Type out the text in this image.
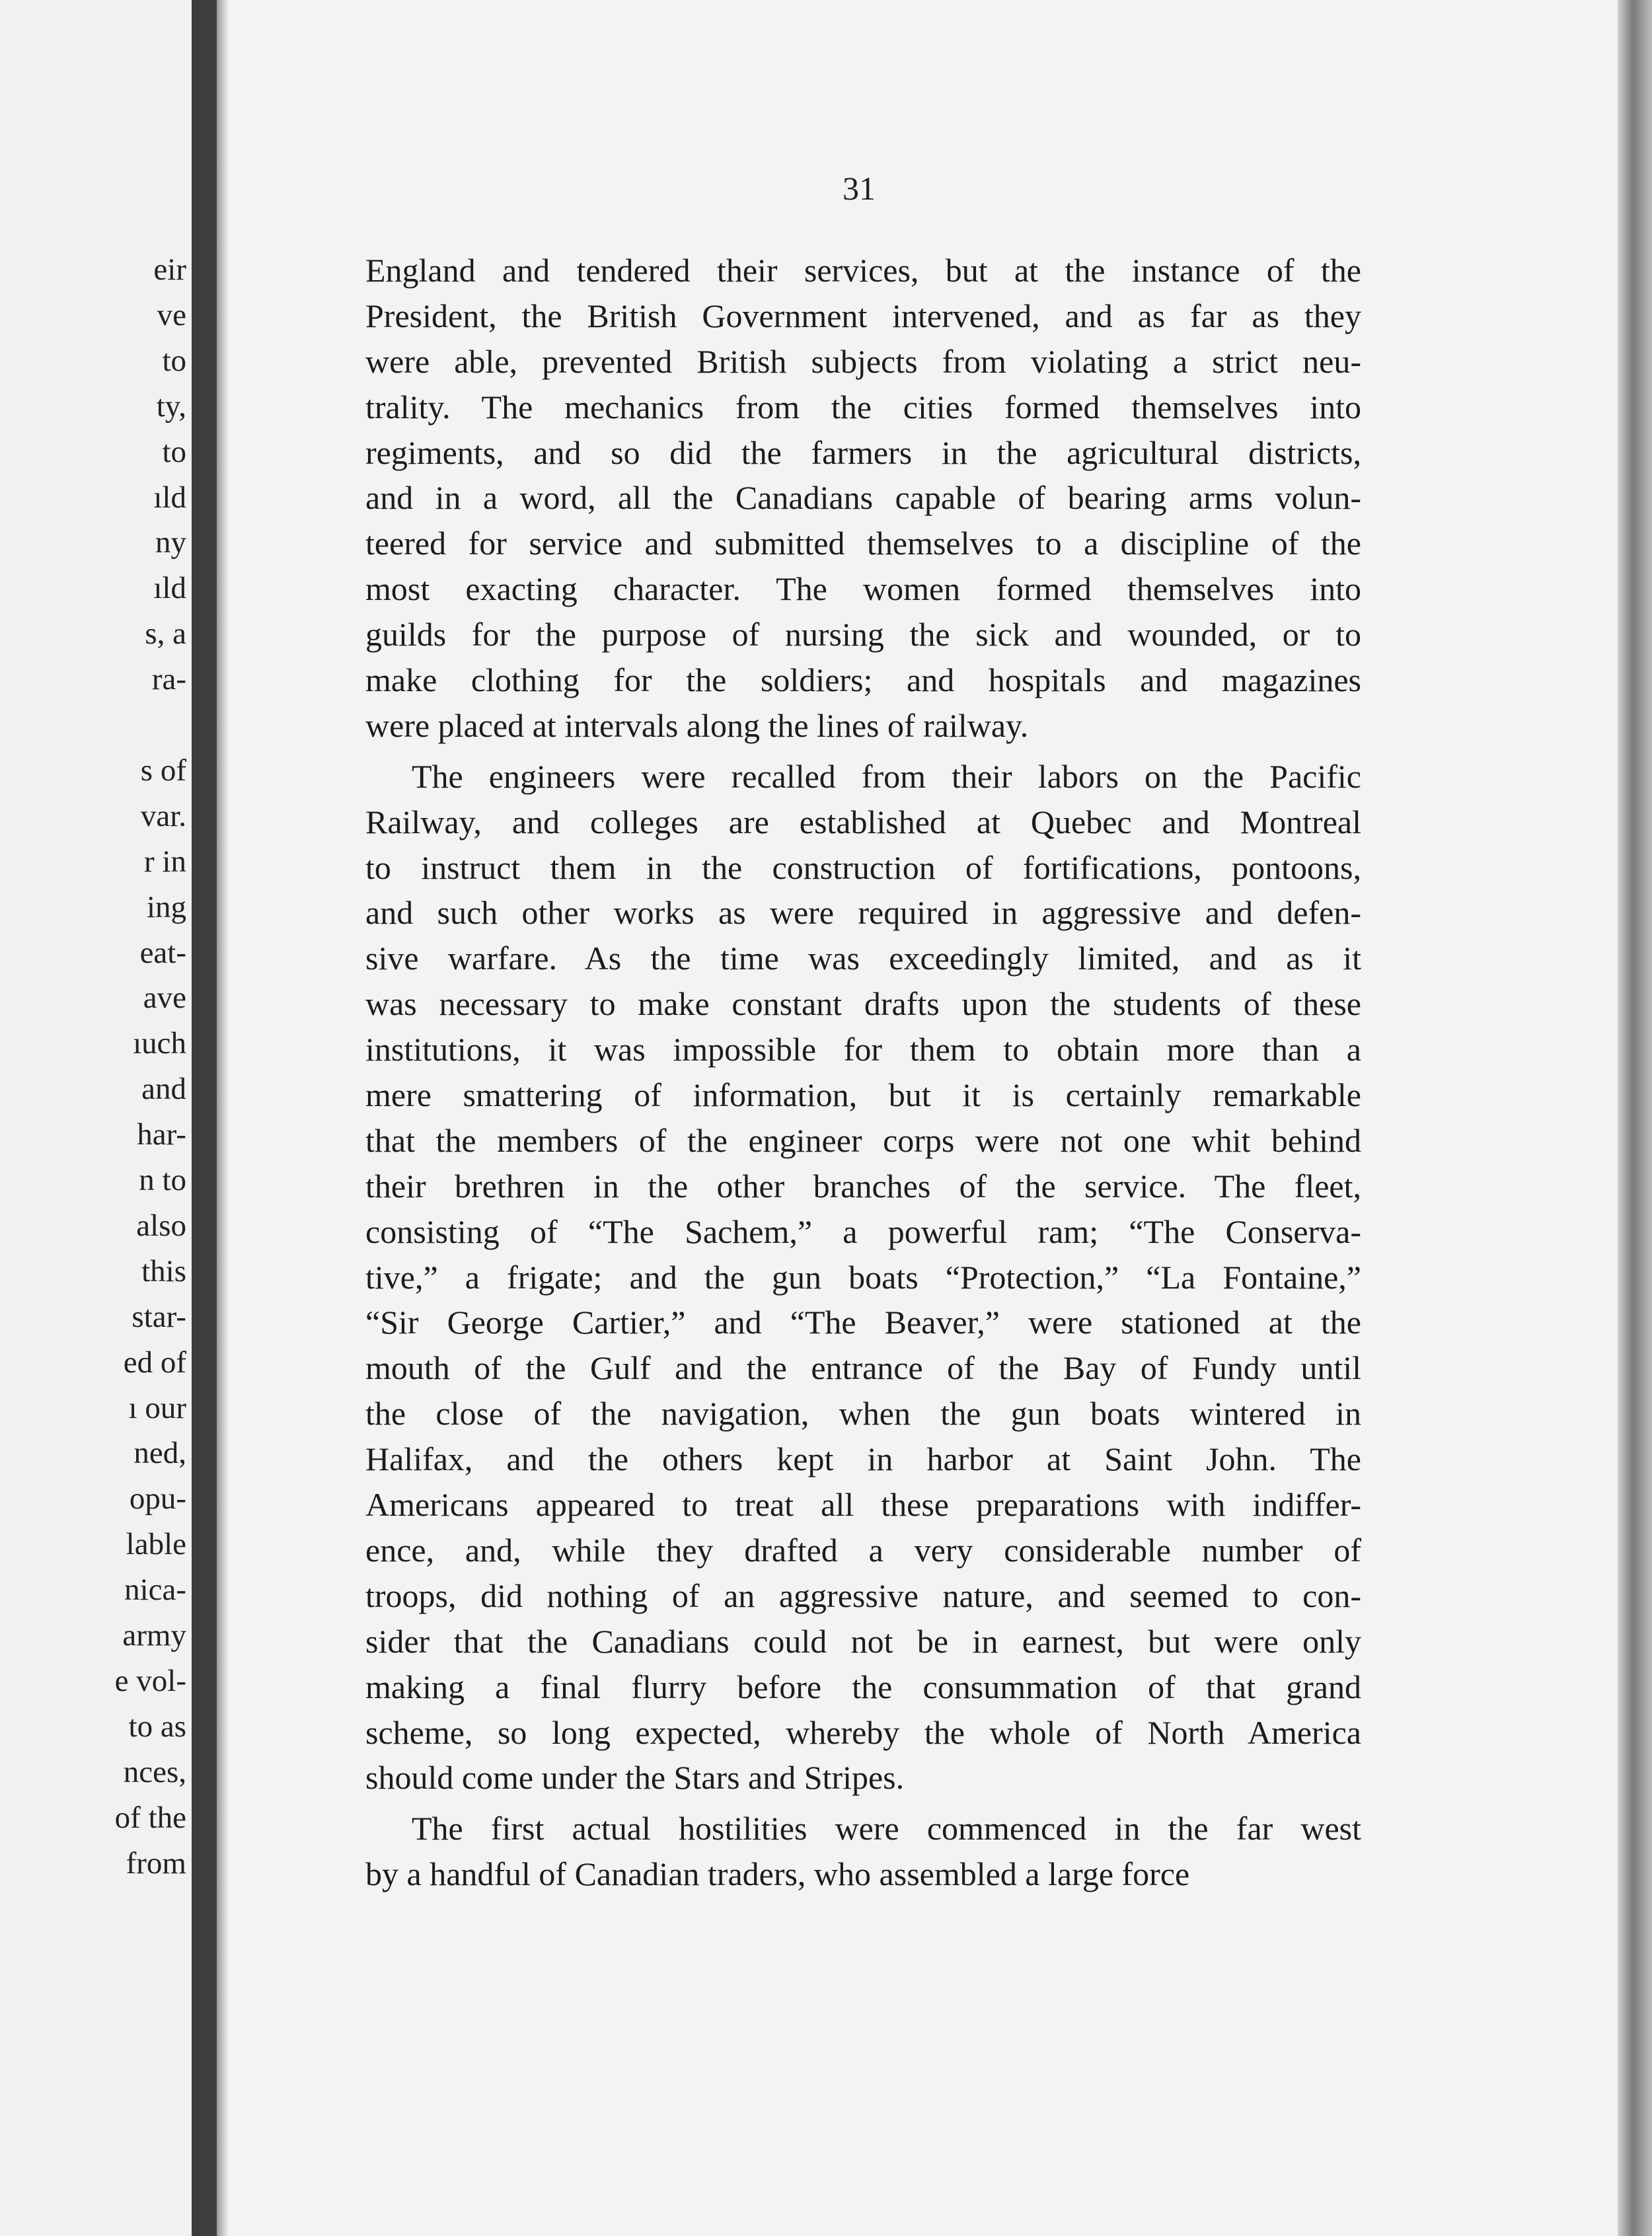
eir
ve
to
ty,
to
ıld
ny
ıld
s, a
ra-
s of
var.
r in
ing
eat-
ave
ıuch
and
har-
n to
also
this
star-
ed of
ı our
ned,
opu-
lable
nica-
army
e vol-
to as
nces,
of the
from
31
England and tendered their services, but at the instance of the
President, the British Government intervened, and as far as they
were able, prevented British subjects from violating a strict neu-
trality. The mechanics from the cities formed themselves into
regiments, and so did the farmers in the agricultural districts,
and in a word, all the Canadians capable of bearing arms volun-
teered for service and submitted themselves to a discipline of the
most exacting character. The women formed themselves into
guilds for the purpose of nursing the sick and wounded, or to
make clothing for the soldiers; and hospitals and magazines
were placed at intervals along the lines of railway.
The engineers were recalled from their labors on the Pacific
Railway, and colleges are established at Quebec and Montreal
to instruct them in the construction of fortifications, pontoons,
and such other works as were required in aggressive and defen-
sive warfare. As the time was exceedingly limited, and as it
was necessary to make constant drafts upon the students of these
institutions, it was impossible for them to obtain more than a
mere smattering of information, but it is certainly remarkable
that the members of the engineer corps were not one whit behind
their brethren in the other branches of the service. The fleet,
consisting of “The Sachem,” a powerful ram; “The Conserva-
tive,” a frigate; and the gun boats “Protection,” “La Fontaine,”
“Sir George Cartier,” and “The Beaver,” were stationed at the
mouth of the Gulf and the entrance of the Bay of Fundy until
the close of the navigation, when the gun boats wintered in
Halifax, and the others kept in harbor at Saint John. The
Americans appeared to treat all these preparations with indiffer-
ence, and, while they drafted a very considerable number of
troops, did nothing of an aggressive nature, and seemed to con-
sider that the Canadians could not be in earnest, but were only
making a final flurry before the consummation of that grand
scheme, so long expected, whereby the whole of North America
should come under the Stars and Stripes.
The first actual hostilities were commenced in the far west
by a handful of Canadian traders, who assembled a large force
